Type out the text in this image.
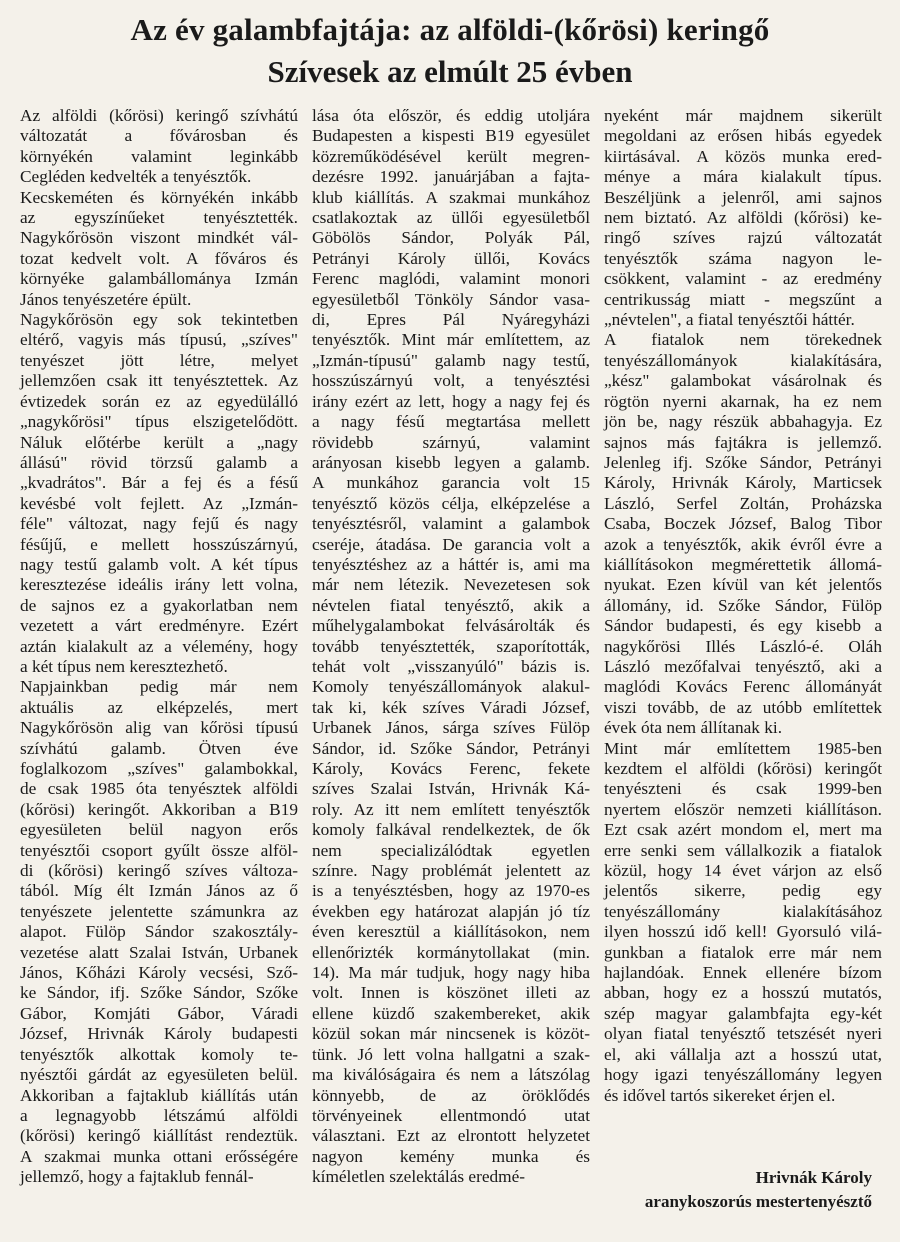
Az év galambfajtája: az alföldi-(kőrösi) keringő
Szívesek az elmúlt 25 évben
Az alföldi (kőrösi) keringő szívhátú
változatát a fővárosban és
környékén valamint leginkább
Cegléden kedvelték a tenyésztők.
Kecskeméten és környékén inkább
az egyszínűeket tenyésztették.
Nagykőrösön viszont mindkét vál-
tozat kedvelt volt. A főváros és
környéke galambállománya Izmán
János tenyészetére épült.
Nagykőrösön egy sok tekintetben
eltérő, vagyis más típusú, „szíves"
tenyészet jött létre, melyet
jellemzően csak itt tenyésztettek. Az
évtizedek során ez az egyedülálló
„nagykőrösi" típus elszigetelődött.
Náluk előtérbe került a „nagy
állású" rövid törzsű galamb a
„kvadrátos". Bár a fej és a fésű
kevésbé volt fejlett. Az „Izmán-
féle" változat, nagy fejű és nagy
fésűjű, e mellett hosszúszárnyú,
nagy testű galamb volt. A két típus
keresztezése ideális irány lett volna,
de sajnos ez a gyakorlatban nem
vezetett a várt eredményre. Ezért
aztán kialakult az a vélemény, hogy
a két típus nem keresztezhető.
Napjainkban pedig már nem
aktuális az elképzelés, mert
Nagykőrösön alig van kőrösi típusú
szívhátú galamb. Ötven éve
foglalkozom „szíves" galambokkal,
de csak 1985 óta tenyésztek alföldi
(kőrösi) keringőt. Akkoriban a B19
egyesületen belül nagyon erős
tenyésztői csoport gyűlt össze alföl-
di (kőrösi) keringő szíves változa-
tából. Míg élt Izmán János az ő
tenyészete jelentette számunkra az
alapot. Fülöp Sándor szakosztály-
vezetése alatt Szalai István, Urbanek
János, Kőházi Károly vecsési, Sző-
ke Sándor, ifj. Szőke Sándor, Szőke
Gábor, Komjáti Gábor, Váradi
József, Hrivnák Károly budapesti
tenyésztők alkottak komoly te-
nyésztői gárdát az egyesületen belül.
Akkoriban a fajtaklub kiállítás után
a legnagyobb létszámú alföldi
(kőrösi) keringő kiállítást rendeztük.
A szakmai munka ottani erősségére
jellemző, hogy a fajtaklub fennál-
lása óta először, és eddig utoljára
Budapesten a kispesti B19 egyesület
közreműködésével került megren-
dezésre 1992. januárjában a fajta-
klub kiállítás. A szakmai munkához
csatlakoztak az üllői egyesületből
Göbölös Sándor, Polyák Pál,
Petrányi Károly üllői, Kovács
Ferenc maglódi, valamint monori
egyesületből Tönköly Sándor vasa-
di, Epres Pál Nyáregyházi
tenyésztők. Mint már említettem, az
„Izmán-típusú" galamb nagy testű,
hosszúszárnyú volt, a tenyésztési
irány ezért az lett, hogy a nagy fej és
a nagy fésű megtartása mellett
rövidebb szárnyú, valamint
arányosan kisebb legyen a galamb.
A munkához garancia volt 15
tenyésztő közös célja, elképzelése a
tenyésztésről, valamint a galambok
cseréje, átadása. De garancia volt a
tenyésztéshez az a háttér is, ami ma
már nem létezik. Nevezetesen sok
névtelen fiatal tenyésztő, akik a
műhelygalambokat felvásárolták és
tovább tenyésztették, szaporították,
tehát volt „visszanyúló" bázis is.
Komoly tenyészállományok alakul-
tak ki, kék szíves Váradi József,
Urbanek János, sárga szíves Fülöp
Sándor, id. Szőke Sándor, Petrányi
Károly, Kovács Ferenc, fekete
szíves Szalai István, Hrivnák Ká-
roly. Az itt nem említett tenyésztők
komoly falkával rendelkeztek, de ők
nem specializálódtak egyetlen
színre. Nagy problémát jelentett az
is a tenyésztésben, hogy az 1970-es
években egy határozat alapján jó tíz
éven keresztül a kiállításokon, nem
ellenőrizték kormánytollakat (min.
14). Ma már tudjuk, hogy nagy hiba
volt. Innen is köszönet illeti az
ellene küzdő szakembereket, akik
közül sokan már nincsenek is közöt-
tünk. Jó lett volna hallgatni a szak-
ma kiválóságaira és nem a látszólag
könnyebb, de az öröklődés
törvényeinek ellentmondó utat
választani. Ezt az elrontott helyzetet
nagyon kemény munka és
kíméletlen szelektálás eredmé-
nyeként már majdnem sikerült
megoldani az erősen hibás egyedek
kiirtásával. A közös munka ered-
ménye a mára kialakult típus.
Beszéljünk a jelenről, ami sajnos
nem biztató. Az alföldi (kőrösi) ke-
ringő szíves rajzú változatát
tenyésztők száma nagyon le-
csökkent, valamint - az eredmény
centrikusság miatt - megszűnt a
„névtelen", a fiatal tenyésztői háttér.
A fiatalok nem törekednek
tenyészállományok kialakítására,
„kész" galambokat vásárolnak és
rögtön nyerni akarnak, ha ez nem
jön be, nagy részük abbahagyja. Ez
sajnos más fajtákra is jellemző.
Jelenleg ifj. Szőke Sándor, Petrányi
Károly, Hrivnák Károly, Marticsek
László, Serfel Zoltán, Proházska
Csaba, Boczek József, Balog Tibor
azok a tenyésztők, akik évről évre a
kiállításokon megmérettetik állomá-
nyukat. Ezen kívül van két jelentős
állomány, id. Szőke Sándor, Fülöp
Sándor budapesti, és egy kisebb a
nagykőrösi Illés László-é. Oláh
László mezőfalvai tenyésztő, aki a
maglódi Kovács Ferenc állományát
viszi tovább, de az utóbb említettek
évek óta nem állítanak ki.
Mint már említettem 1985-ben
kezdtem el alföldi (kőrösi) keringőt
tenyészteni és csak 1999-ben
nyertem először nemzeti kiállításon.
Ezt csak azért mondom el, mert ma
erre senki sem vállalkozik a fiatalok
közül, hogy 14 évet várjon az első
jelentős sikerre, pedig egy
tenyészállomány kialakításához
ilyen hosszú idő kell! Gyorsuló vilá-
gunkban a fiatalok erre már nem
hajlandóak. Ennek ellenére bízom
abban, hogy ez a hosszú mutatós,
szép magyar galambfajta egy-két
olyan fiatal tenyésztő tetszését nyeri
el, aki vállalja azt a hosszú utat,
hogy igazi tenyészállomány legyen
és idővel tartós sikereket érjen el.
Hrivnák Károly
aranykoszorús mestertenyésztő
